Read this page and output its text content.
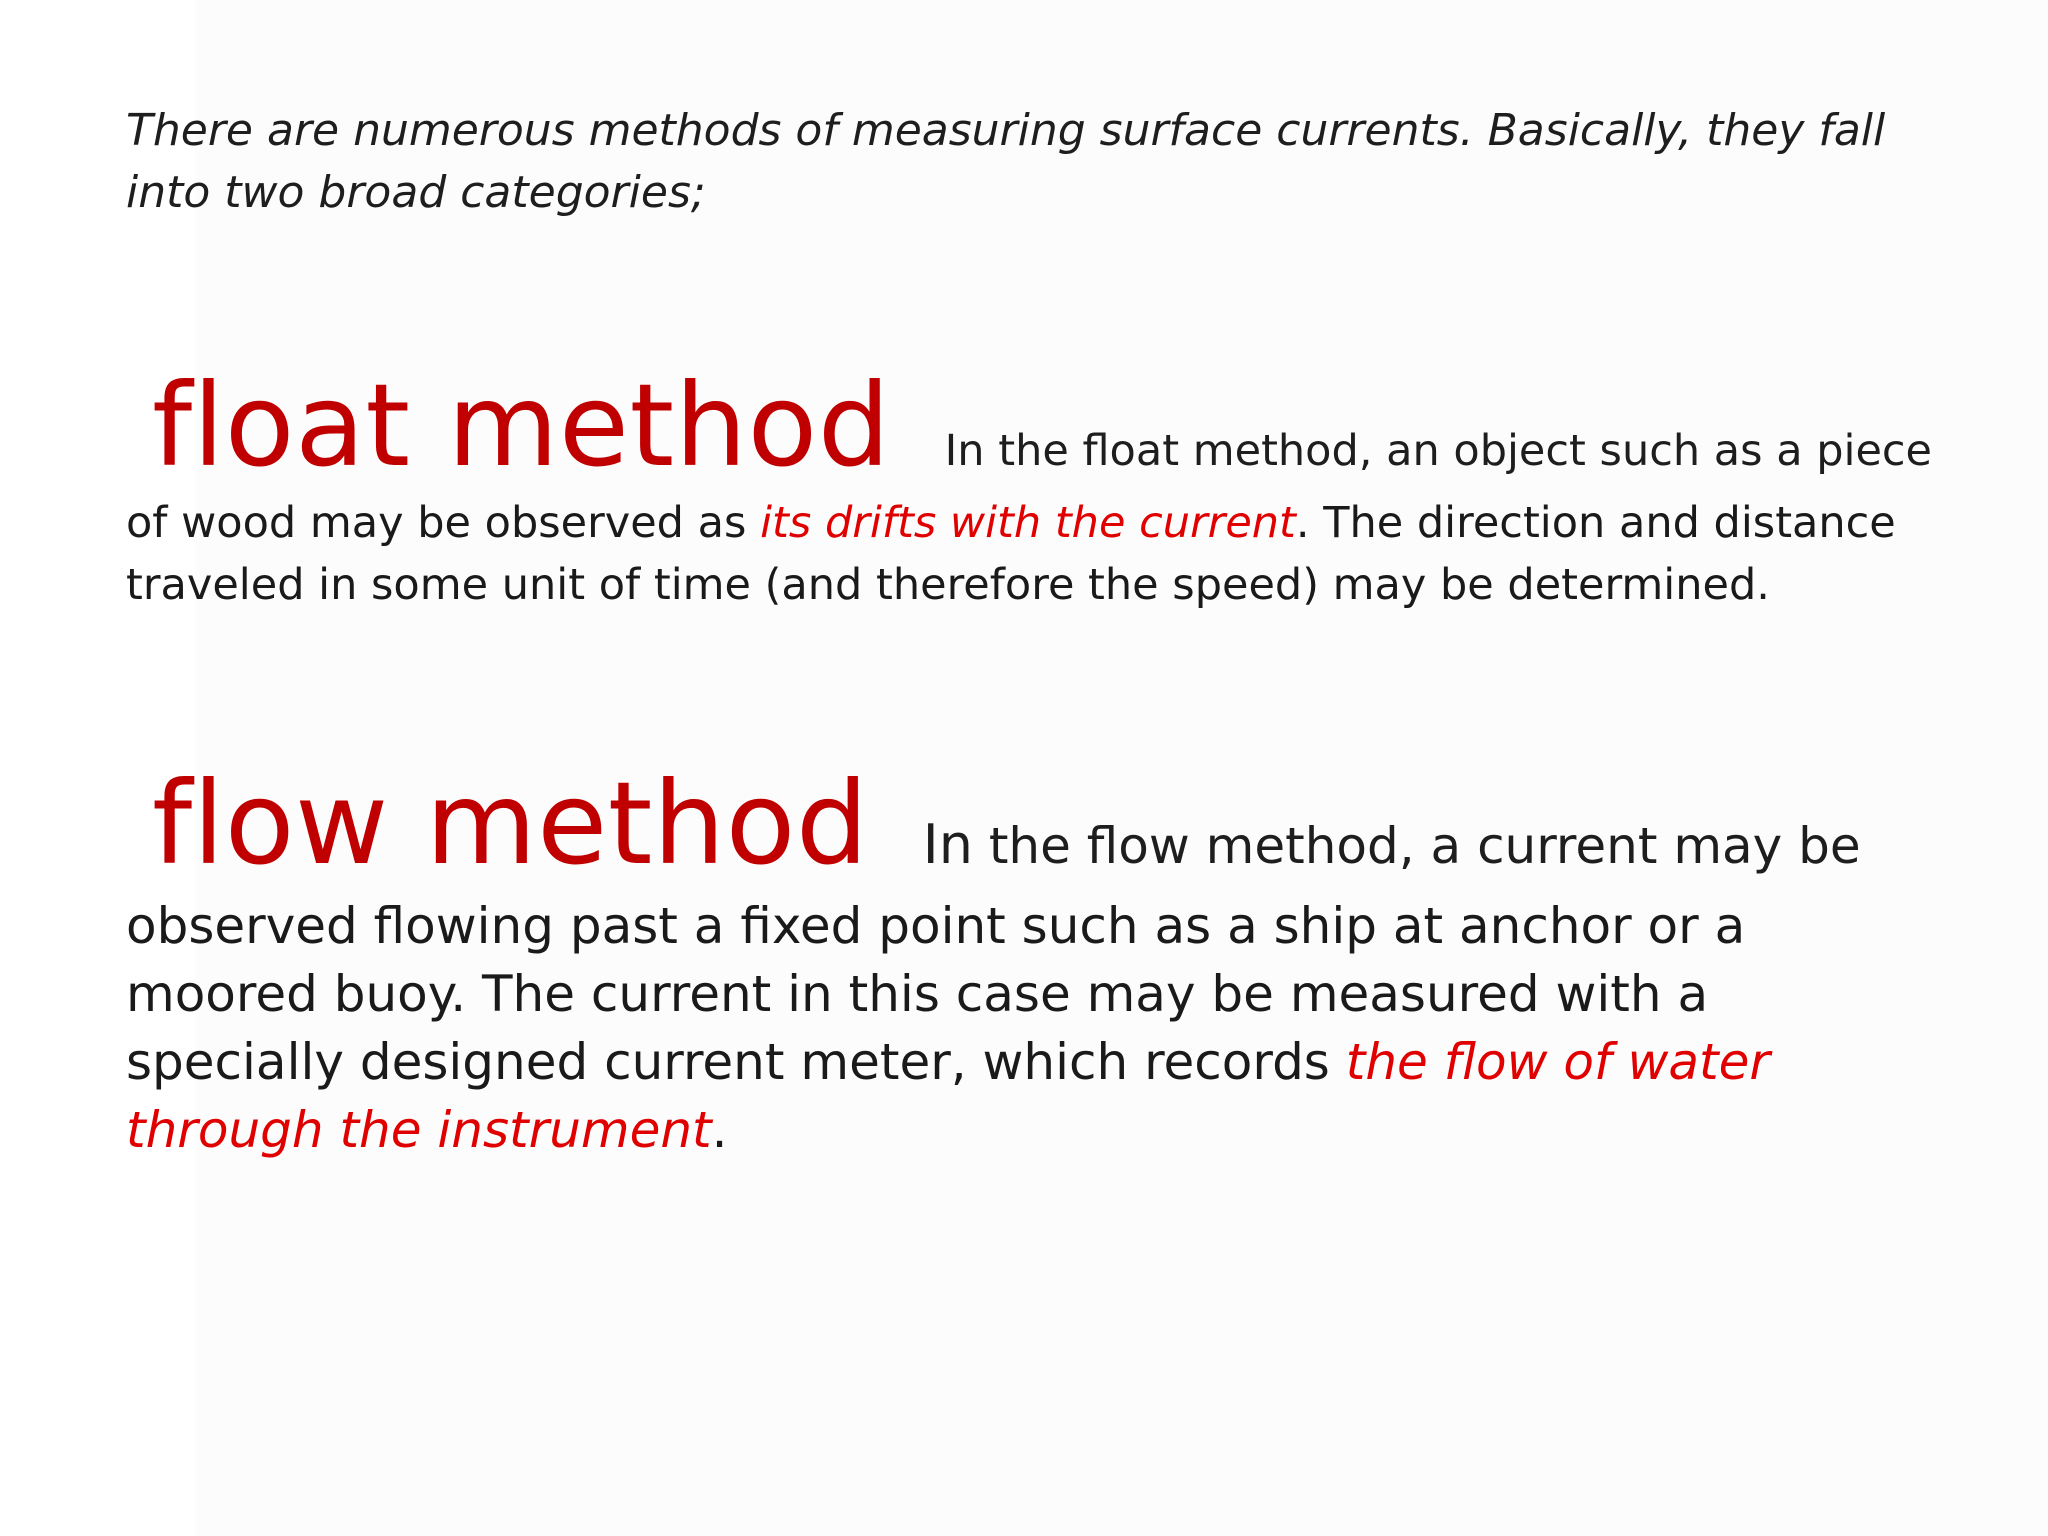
There are numerous methods of measuring surface currents. Basically, they fall into two broad categories;
float method In the float method, an object such as a piece
of wood may be observed as its drifts with the current. The direction and distance traveled in some unit of time (and therefore the speed) may be determined.
flow method In the flow method, a current may be
observed flowing past a fixed point such as a ship at anchor or a moored buoy. The current in this case may be measured with a specially designed current meter, which records the flow of water through the instrument.
